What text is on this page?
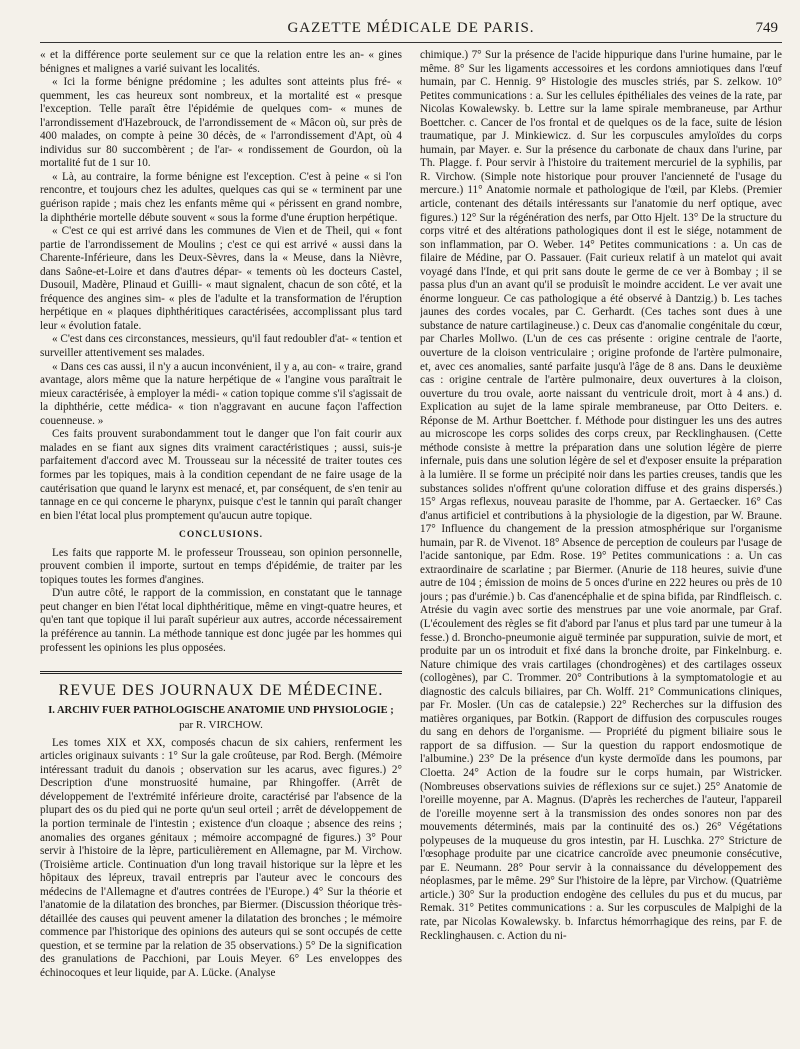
GAZETTE MÉDICALE DE PARIS.	749

« et la différence porte seulement sur ce que la relation entre les an- « gines bénignes et malignes a varié suivant les localités.

« Ici la forme bénigne prédomine ; les adultes sont atteints plus fré- « quemment, les cas heureux sont nombreux, et la mortalité est « presque l'exception. Telle paraît être l'épidémie de quelques com- « munes de l'arrondissement d'Hazebrouck, de l'arrondissement de « Mâcon où, sur près de 400 malades, on compte à peine 30 décès, de « l'arrondissement d'Apt, où 4 individus sur 80 succombèrent ; de l'ar- « rondissement de Gourdon, où la mortalité fut de 1 sur 10.

« Là, au contraire, la forme bénigne est l'exception. C'est à peine « si l'on rencontre, et toujours chez les adultes, quelques cas qui se « terminent par une guérison rapide ; mais chez les enfants même qui « périssent en grand nombre, la diphthérie mortelle débute souvent « sous la forme d'une éruption herpétique.

« C'est ce qui est arrivé dans les communes de Vien et de Theil, qui « font partie de l'arrondissement de Moulins ; c'est ce qui est arrivé « aussi dans la Charente-Inférieure, dans les Deux-Sèvres, dans la « Meuse, dans la Nièvre, dans Saône-et-Loire et dans d'autres dépar- « tements où les docteurs Castel, Dusouil, Madère, Plinaud et Guilli- « maut signalent, chacun de son côté, et la fréquence des angines sim- « ples de l'adulte et la transformation de l'éruption herpétique en « plaques diphthéritiques caractérisées, accomplissant plus tard leur « évolution fatale.

« C'est dans ces circonstances, messieurs, qu'il faut redoubler d'at- « tention et surveiller attentivement ses malades.

« Dans ces cas aussi, il n'y a aucun inconvénient, il y a, au con- « traire, grand avantage, alors même que la nature herpétique de « l'angine vous paraîtrait le mieux caractérisée, à employer la médi- « cation topique comme s'il s'agissait de la diphthérie, cette médica- « tion n'aggravant en aucune façon l'affection couenneuse. »

Ces faits prouvent surabondamment tout le danger que l'on fait courir aux malades en se fiant aux signes dits vraiment caractéristiques ; aussi, suis-je parfaitement d'accord avec M. Trousseau sur la nécessité de traiter toutes ces formes par les topiques, mais à la condition cependant de ne faire usage de la cautérisation que quand le larynx est menacé, et, par conséquent, de s'en tenir au tannage en ce qui concerne le pharynx, puisque c'est le tannin qui paraît changer en bien l'état local plus promptement qu'aucun autre topique.

CONCLUSIONS.

Les faits que rapporte M. le professeur Trousseau, son opinion personnelle, prouvent combien il importe, surtout en temps d'épidémie, de traiter par les topiques toutes les formes d'angines.

D'un autre côté, le rapport de la commission, en constatant que le tannage peut changer en bien l'état local diphthéritique, même en vingt-quatre heures, et qu'en tant que topique il lui paraît supérieur aux autres, accorde nécessairement la préférence au tannin. La méthode tannique est donc jugée par les hommes qui professent les opinions les plus opposées.

REVUE DES JOURNAUX DE MÉDECINE.
I. ARCHIV FUER PATHOLOGISCHE ANATOMIE UND PHYSIOLOGIE ;
par R. VIRCHOW.

Les tomes XIX et XX, composés chacun de six cahiers, renferment les articles originaux suivants : 1° Sur la gale croûteuse, par Rod. Bergh. (Mémoire intéressant traduit du danois ; observation sur les acarus, avec figures.) 2° Description d'une monstruosité humaine, par Rhingoffer. (Arrêt de développement de l'extrémité inférieure droite, caractérisé par l'absence de la plupart des os du pied qui ne porte qu'un seul orteil ; arrêt de développement de la portion terminale de l'intestin ; existence d'un cloaque ; absence des reins ; anomalies des organes génitaux ; mémoire accompagné de figures.) 3° Pour servir à l'histoire de la lèpre, particulièrement en Allemagne, par M. Virchow. (Troisième article. Continuation d'un long travail historique sur la lèpre et les hôpitaux des lépreux, travail entrepris par l'auteur avec le concours des médecins de l'Allemagne et d'autres contrées de l'Europe.) 4° Sur la théorie et l'anatomie de la dilatation des bronches, par Biermer. (Discussion théorique très-détaillée des causes qui peuvent amener la dilatation des bronches ; le mémoire commence par l'historique des opinions des auteurs qui se sont occupés de cette question, et se termine par la relation de 35 observations.) 5° De la signification des granulations de Pacchioni, par Louis Meyer. 6° Les enveloppes des échinocoques et leur liquide, par A. Lücke. (Analyse

chimique.) 7° Sur la présence de l'acide hippurique dans l'urine humaine, par le même. 8° Sur les ligaments accessoires et les cordons amniotiques dans l'œuf humain, par C. Hennig. 9° Histologie des muscles striés, par S. zelkow. 10° Petites communications : a. Sur les cellules épithéliales des veines de la rate, par Nicolas Kowalewsky. b. Lettre sur la lame spirale membraneuse, par Arthur Boettcher. c. Cancer de l'os frontal et de quelques os de la face, suite de lésion traumatique, par J. Minkiewicz. d. Sur les corpuscules amyloïdes du corps humain, par Mayer. e. Sur la présence du carbonate de chaux dans l'urine, par Th. Plagge. f. Pour servir à l'histoire du traitement mercuriel de la syphilis, par R. Virchow. (Simple note historique pour prouver l'ancienneté de l'usage du mercure.) 11° Anatomie normale et pathologique de l'œil, par Klebs. (Premier article, contenant des détails intéressants sur l'anatomie du nerf optique, avec figures.) 12° Sur la régénération des nerfs, par Otto Hjelt. 13° De la structure du corps vitré et des altérations pathologiques dont il est le siége, notamment de son inflammation, par O. Weber. 14° Petites communications : a. Un cas de filaire de Médine, par O. Passauer. (Fait curieux relatif à un matelot qui avait voyagé dans l'Inde, et qui prit sans doute le germe de ce ver à Bombay ; il se passa plus d'un an avant qu'il se produisît le moindre accident. Le ver avait une énorme longueur. Ce cas pathologique a été observé à Dantzig.) b. Les taches jaunes des cordes vocales, par C. Gerhardt. (Ces taches sont dues à une substance de nature cartilagineuse.) c. Deux cas d'anomalie congénitale du cœur, par Charles Mollwo. (L'un de ces cas présente : origine centrale de l'aorte, ouverture de la cloison ventriculaire ; origine profonde de l'artère pulmonaire, et, avec ces anomalies, santé parfaite jusqu'à l'âge de 8 ans. Dans le deuxième cas : origine centrale de l'artère pulmonaire, deux ouvertures à la cloison, ouverture du trou ovale, aorte naissant du ventricule droit, mort à 4 ans.) d. Explication au sujet de la lame spirale membraneuse, par Otto Deiters. e. Réponse de M. Arthur Boettcher. f. Méthode pour distinguer les uns des autres au microscope les corps solides des corps creux, par Recklinghausen. (Cette méthode consiste à mettre la préparation dans une solution légère de pierre infernale, puis dans une solution légère de sel et d'exposer ensuite la préparation à la lumière. Il se forme un précipité noir dans les parties creuses, tandis que les substances solides n'offrent qu'une coloration diffuse et des grains dispersés.) 15° Argas reflexus, nouveau parasite de l'homme, par A. Gertaecker. 16° Cas d'anus artificiel et contributions à la physiologie de la digestion, par W. Braune. 17° Influence du changement de la pression atmosphérique sur l'organisme humain, par R. de Vivenot. 18° Absence de perception de couleurs par l'usage de l'acide santonique, par Edm. Rose. 19° Petites communications : a. Un cas extraordinaire de scarlatine ; par Biermer. (Anurie de 118 heures, suivie d'une autre de 104 ; émission de moins de 5 onces d'urine en 222 heures ou près de 10 jours ; pas d'urémie.) b. Cas d'anencéphalie et de spina bifida, par Rindfleisch. c. Atrésie du vagin avec sortie des menstrues par une voie anormale, par Graf. (L'écoulement des règles se fit d'abord par l'anus et plus tard par une tumeur à la fesse.) d. Broncho-pneumonie aiguë terminée par suppuration, suivie de mort, et produite par un os introduit et fixé dans la bronche droite, par Finkelnburg. e. Nature chimique des vrais cartilages (chondrogènes) et des cartilages osseux (collogènes), par C. Trommer. 20° Contributions à la symptomatologie et au diagnostic des calculs biliaires, par Ch. Wolff. 21° Communications cliniques, par Fr. Mosler. (Un cas de catalepsie.) 22° Recherches sur la diffusion des matières organiques, par Botkin. (Rapport de diffusion des corpuscules rouges du sang en dehors de l'organisme. — Propriété du pigment biliaire sous le rapport de sa diffusion. — Sur la question du rapport endosmotique de l'albumine.) 23° De la présence d'un kyste dermoïde dans les poumons, par Cloetta. 24° Action de la foudre sur le corps humain, par Wistricker. (Nombreuses observations suivies de réflexions sur ce sujet.) 25° Anatomie de l'oreille moyenne, par A. Magnus. (D'après les recherches de l'auteur, l'appareil de l'oreille moyenne sert à la transmission des ondes sonores non par des mouvements déterminés, mais par la continuité des os.) 26° Végétations polypeuses de la muqueuse du gros intestin, par H. Luschka. 27° Stricture de l'œsophage produite par une cicatrice cancroïde avec pneumonie consécutive, par E. Neumann. 28° Pour servir à la connaissance du développement des néoplasmes, par le même. 29° Sur l'histoire de la lèpre, par Virchow. (Quatrième article.) 30° Sur la production endogène des cellules du pus et du mucus, par Remak. 31° Petites communications : a. Sur les corpuscules de Malpighi de la rate, par Nicolas Kowalewsky. b. Infarctus hémorrhagique des reins, par F. de Recklinghausen. c. Action du ni-
